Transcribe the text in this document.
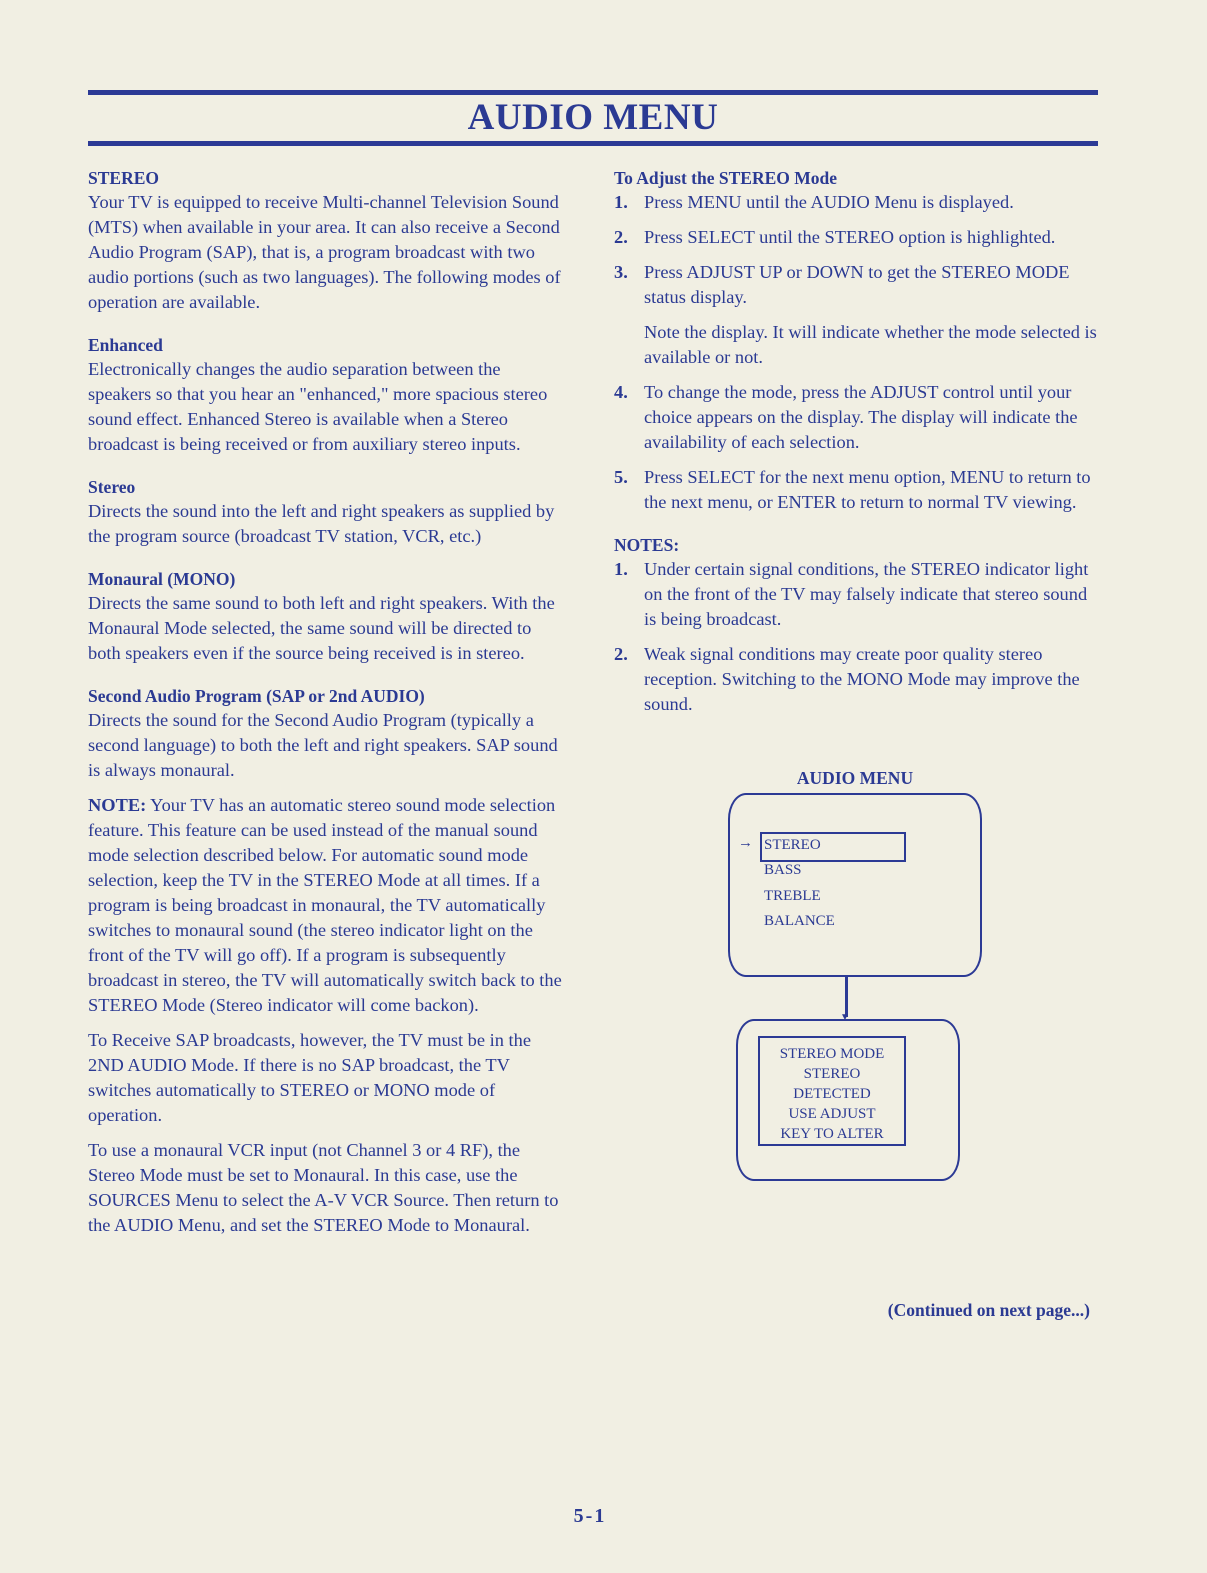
AUDIO MENU
STEREO

Your TV is equipped to receive Multi-channel Television Sound (MTS) when available in your area. It can also receive a Second Audio Program (SAP), that is, a program broadcast with two audio portions (such as two languages). The following modes of operation are available.

Enhanced

Electronically changes the audio separation between the speakers so that you hear an "enhanced," more spacious stereo sound effect. Enhanced Stereo is available when a Stereo broadcast is being received or from auxiliary stereo inputs.

Stereo

Directs the sound into the left and right speakers as supplied by the program source (broadcast TV station, VCR, etc.)

Monaural (MONO)

Directs the same sound to both left and right speakers. With the Monaural Mode selected, the same sound will be directed to both speakers even if the source being received is in stereo.

Second Audio Program (SAP or 2nd AUDIO)

Directs the sound for the Second Audio Program (typically a second language) to both the left and right speakers. SAP sound is always monaural.

NOTE: Your TV has an automatic stereo sound mode selection feature. This feature can be used instead of the manual sound mode selection described below. For automatic sound mode selection, keep the TV in the STEREO Mode at all times. If a program is being broadcast in monaural, the TV automatically switches to monaural sound (the stereo indicator light on the front of the TV will go off). If a program is subsequently broadcast in stereo, the TV will automatically switch back to the STEREO Mode (Stereo indicator will come backon).

To Receive SAP broadcasts, however, the TV must be in the 2ND AUDIO Mode. If there is no SAP broadcast, the TV switches automatically to STEREO or MONO mode of operation.

To use a monaural VCR input (not Channel 3 or 4 RF), the Stereo Mode must be set to Monaural. In this case, use the SOURCES Menu to select the A-V VCR Source. Then return to the AUDIO Menu, and set the STEREO Mode to Monaural.

To Adjust the STEREO Mode
1. Press MENU until the AUDIO Menu is displayed.
2. Press SELECT until the STEREO option is highlighted.
3. Press ADJUST UP or DOWN to get the STEREO MODE status display.

Note the display. It will indicate whether the mode selected is available or not.

4. To change the mode, press the ADJUST control until your choice appears on the display. The display will indicate the availability of each selection.
5. Press SELECT for the next menu option, MENU to return to the next menu, or ENTER to return to normal TV viewing.
NOTES:
1. Under certain signal conditions, the STEREO indicator light on the front of the TV may falsely indicate that stereo sound is being broadcast.
2. Weak signal conditions may create poor quality stereo reception. Switching to the MONO Mode may improve the sound.
AUDIO MENU
→ STEREO
BASS
TREBLE
BALANCE
▼
STEREO MODE
STEREO
DETECTED
USE ADJUST
KEY TO ALTER
(Continued on next page...)
5-1
